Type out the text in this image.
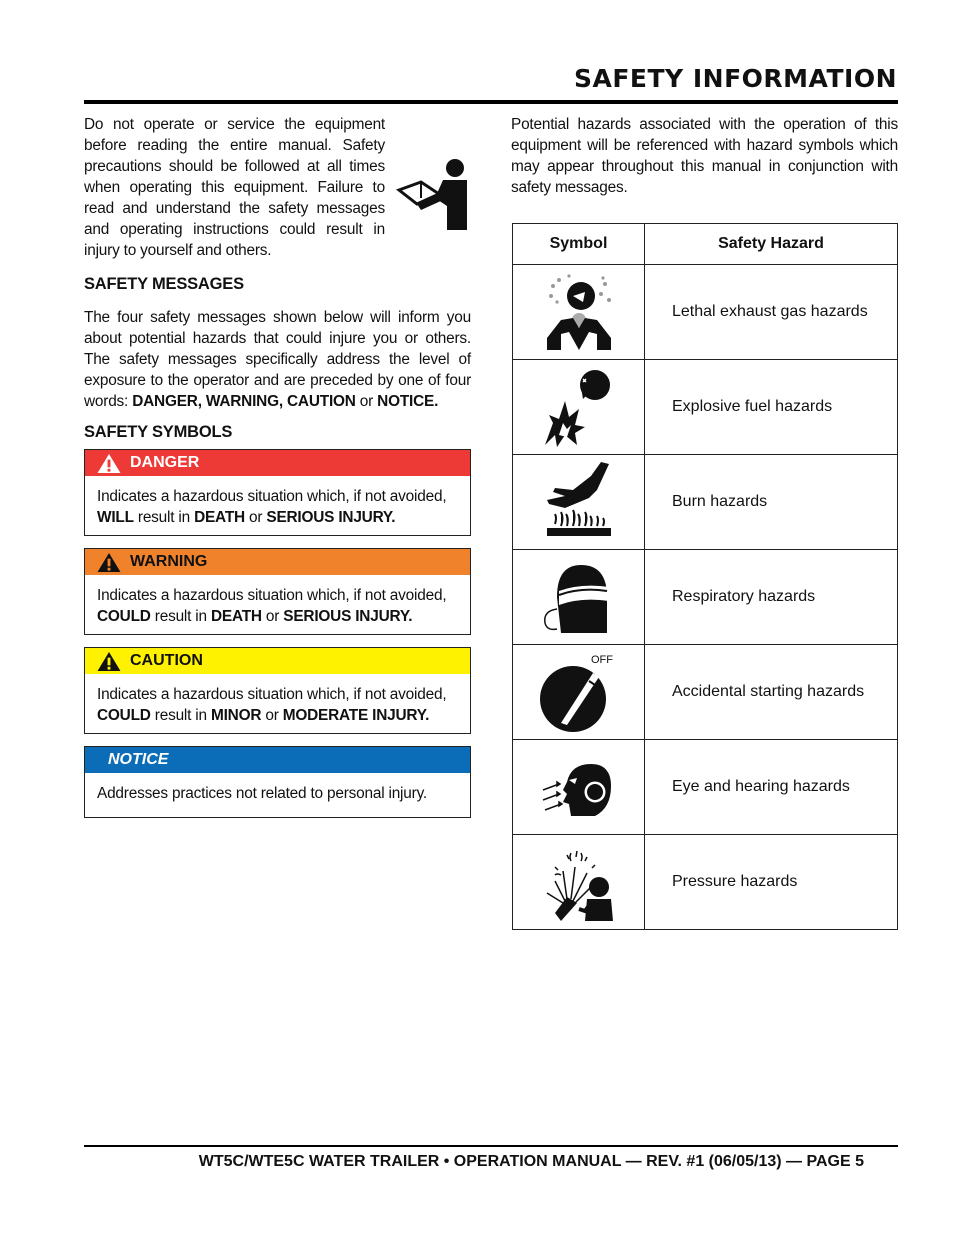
SAFETY INFORMATION

Do not operate or service the equipment before reading the entire manual. Safety precautions should be followed at all times when operating this equipment. Failure to read and understand the safety messages and operating instructions could result in injury to yourself and others.

SAFETY MESSAGES

The four safety messages shown below will inform you about potential hazards that could injure you or others. The safety messages specifically address the level of exposure to the operator and are preceded by one of four words: DANGER, WARNING, CAUTION or NOTICE.

SAFETY SYMBOLS
DANGER
Indicates a hazardous situation which, if not avoided, WILL result in DEATH or SERIOUS INJURY.
WARNING
Indicates a hazardous situation which, if not avoided, COULD result in DEATH or SERIOUS INJURY.
CAUTION
Indicates a hazardous situation which, if not avoided, COULD result in MINOR or MODERATE INJURY.
NOTICE
Addresses practices not related to personal injury.

Potential hazards associated with the operation of this equipment will be referenced with hazard symbols which may appear throughout this manual in conjunction with safety messages.

Symbol	Safety Hazard

	Lethal exhaust gas hazards

	Explosive fuel hazards

	Burn hazards

	Respiratory hazards

OFF	Accidental starting hazards

	Eye and hearing hazards

	Pressure hazards
WT5C/WTE5C WATER TRAILER • OPERATION MANUAL — REV. #1 (06/05/13) — PAGE 5
